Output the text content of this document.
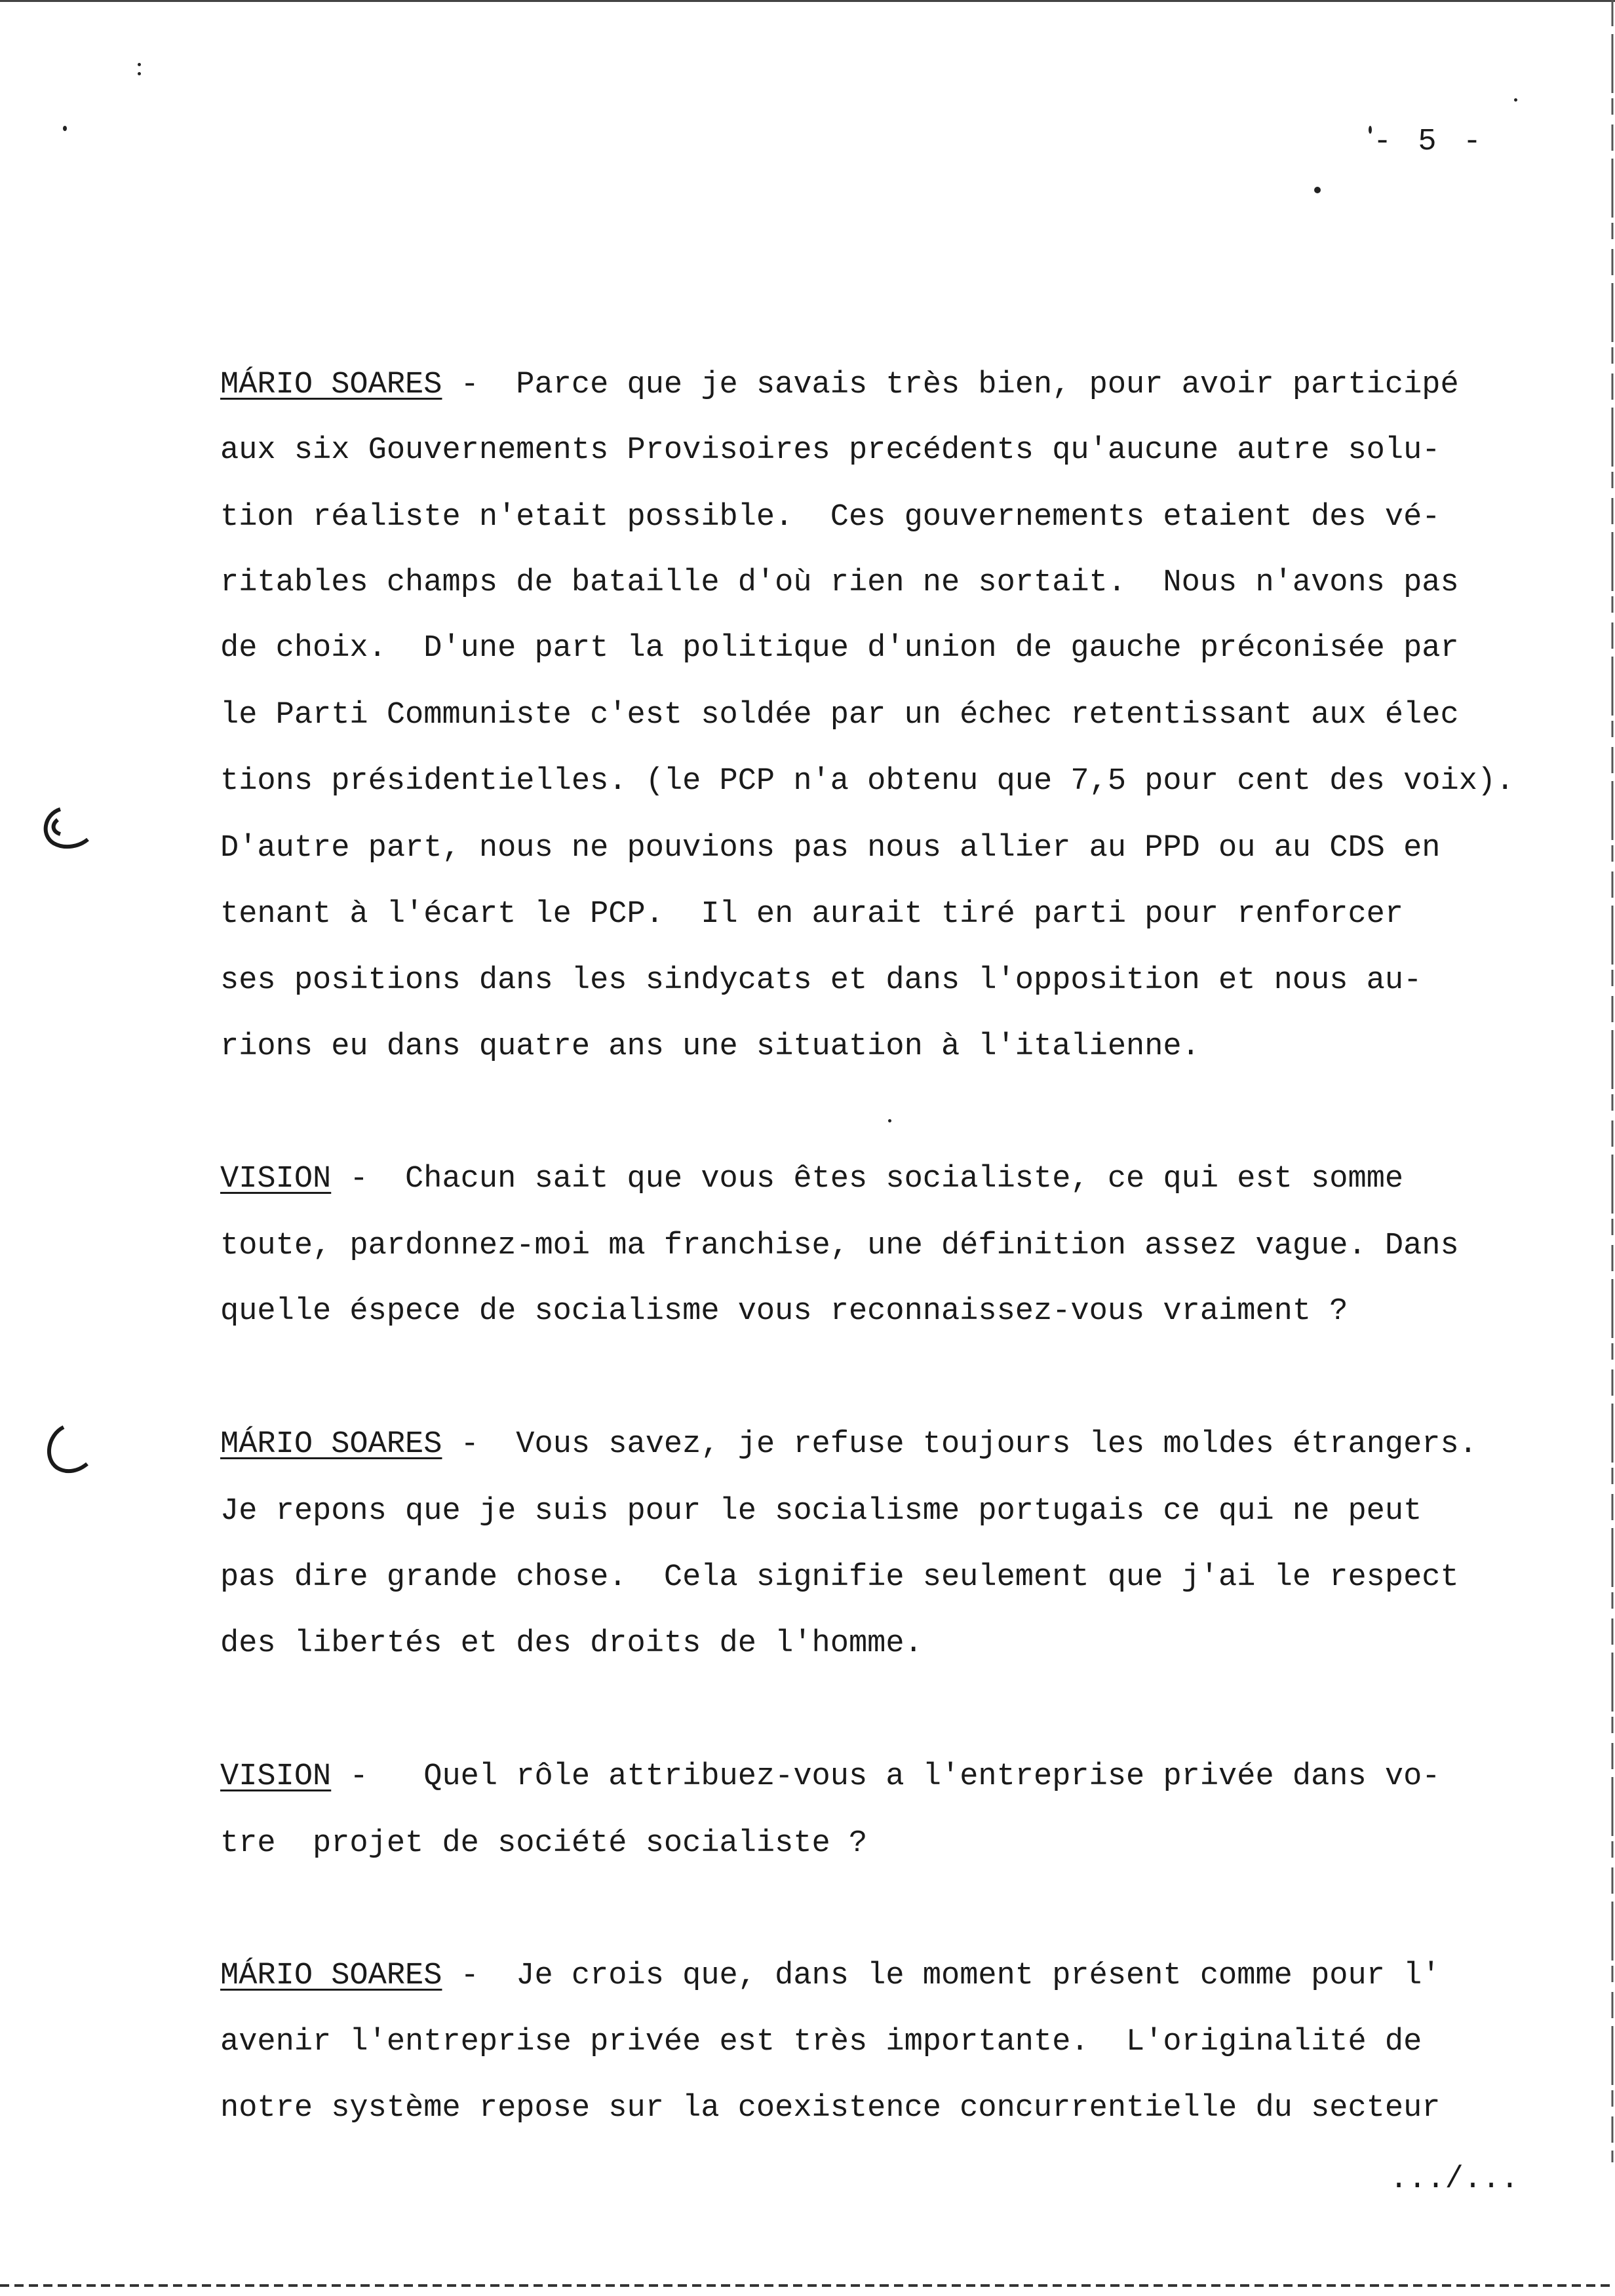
- 5 -
MÁRIO SOARES -  Parce que je savais très bien, pour avoir participé
aux six Gouvernements Provisoires precédents qu'aucune autre solu-
tion réaliste n'etait possible.  Ces gouvernements etaient des vé-
ritables champs de bataille d'où rien ne sortait.  Nous n'avons pas
de choix.  D'une part la politique d'union de gauche préconisée par
le Parti Communiste c'est soldée par un échec retentissant aux élec
tions présidentielles. (le PCP n'a obtenu que 7,5 pour cent des voix).
D'autre part, nous ne pouvions pas nous allier au PPD ou au CDS en
tenant à l'écart le PCP.  Il en aurait tiré parti pour renforcer
ses positions dans les sindycats et dans l'opposition et nous au-
rions eu dans quatre ans une situation à l'italienne.
VISION -  Chacun sait que vous êtes socialiste, ce qui est somme
toute, pardonnez-moi ma franchise, une définition assez vague. Dans
quelle éspece de socialisme vous reconnaissez-vous vraiment ?
MÁRIO SOARES -  Vous savez, je refuse toujours les moldes étrangers.
Je repons que je suis pour le socialisme portugais ce qui ne peut
pas dire grande chose.  Cela signifie seulement que j'ai le respect
des libertés et des droits de l'homme.
VISION -   Quel rôle attribuez-vous a l'entreprise privée dans vo-
tre  projet de société socialiste ?
MÁRIO SOARES -  Je crois que, dans le moment présent comme pour l'
avenir l'entreprise privée est très importante.  L'originalité de
notre système repose sur la coexistence concurrentielle du secteur
.../...
